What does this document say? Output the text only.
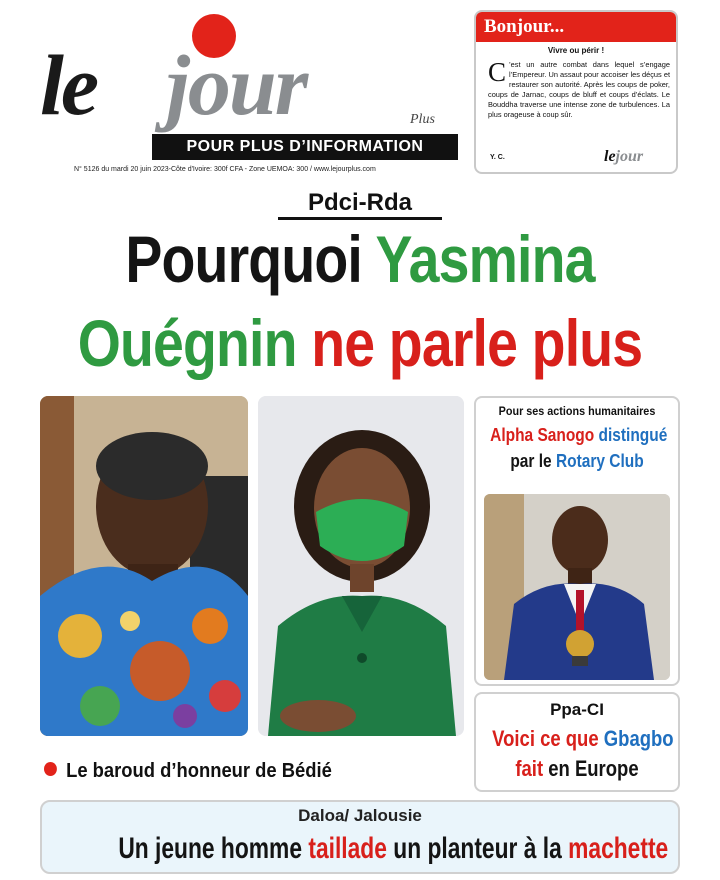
le jour	Plus
POUR PLUS D’INFORMATION
N° 5126 du mardi 20 juin 2023-Côte d'Ivoire: 300f CFA - Zone UEMOA: 300 / www.lejourplus.com
Bonjour...
Vivre ou périr !
C ’est un autre combat dans lequel s’engage l’Empereur. Un assaut pour accoiser les déçus et restaurer son autorité. Après les coups de poker, coups de Jarnac, coups de bluff et coups d’éclats. Le Bouddha traverse une intense zone de turbulences. La plus orageuse à coup sûr.
Y. C.	lejour
Pdci-Rda
Pourquoi Yasmina
Ouégnin ne parle plus
Pour ses actions humanitaires
Alpha Sanogo distingué
par le Rotary Club
Ppa-CI
Voici ce que Gbagbo
fait en Europe
Le baroud d’honneur de Bédié
Daloa/ Jalousie
Un jeune homme taillade un planteur à la machette
